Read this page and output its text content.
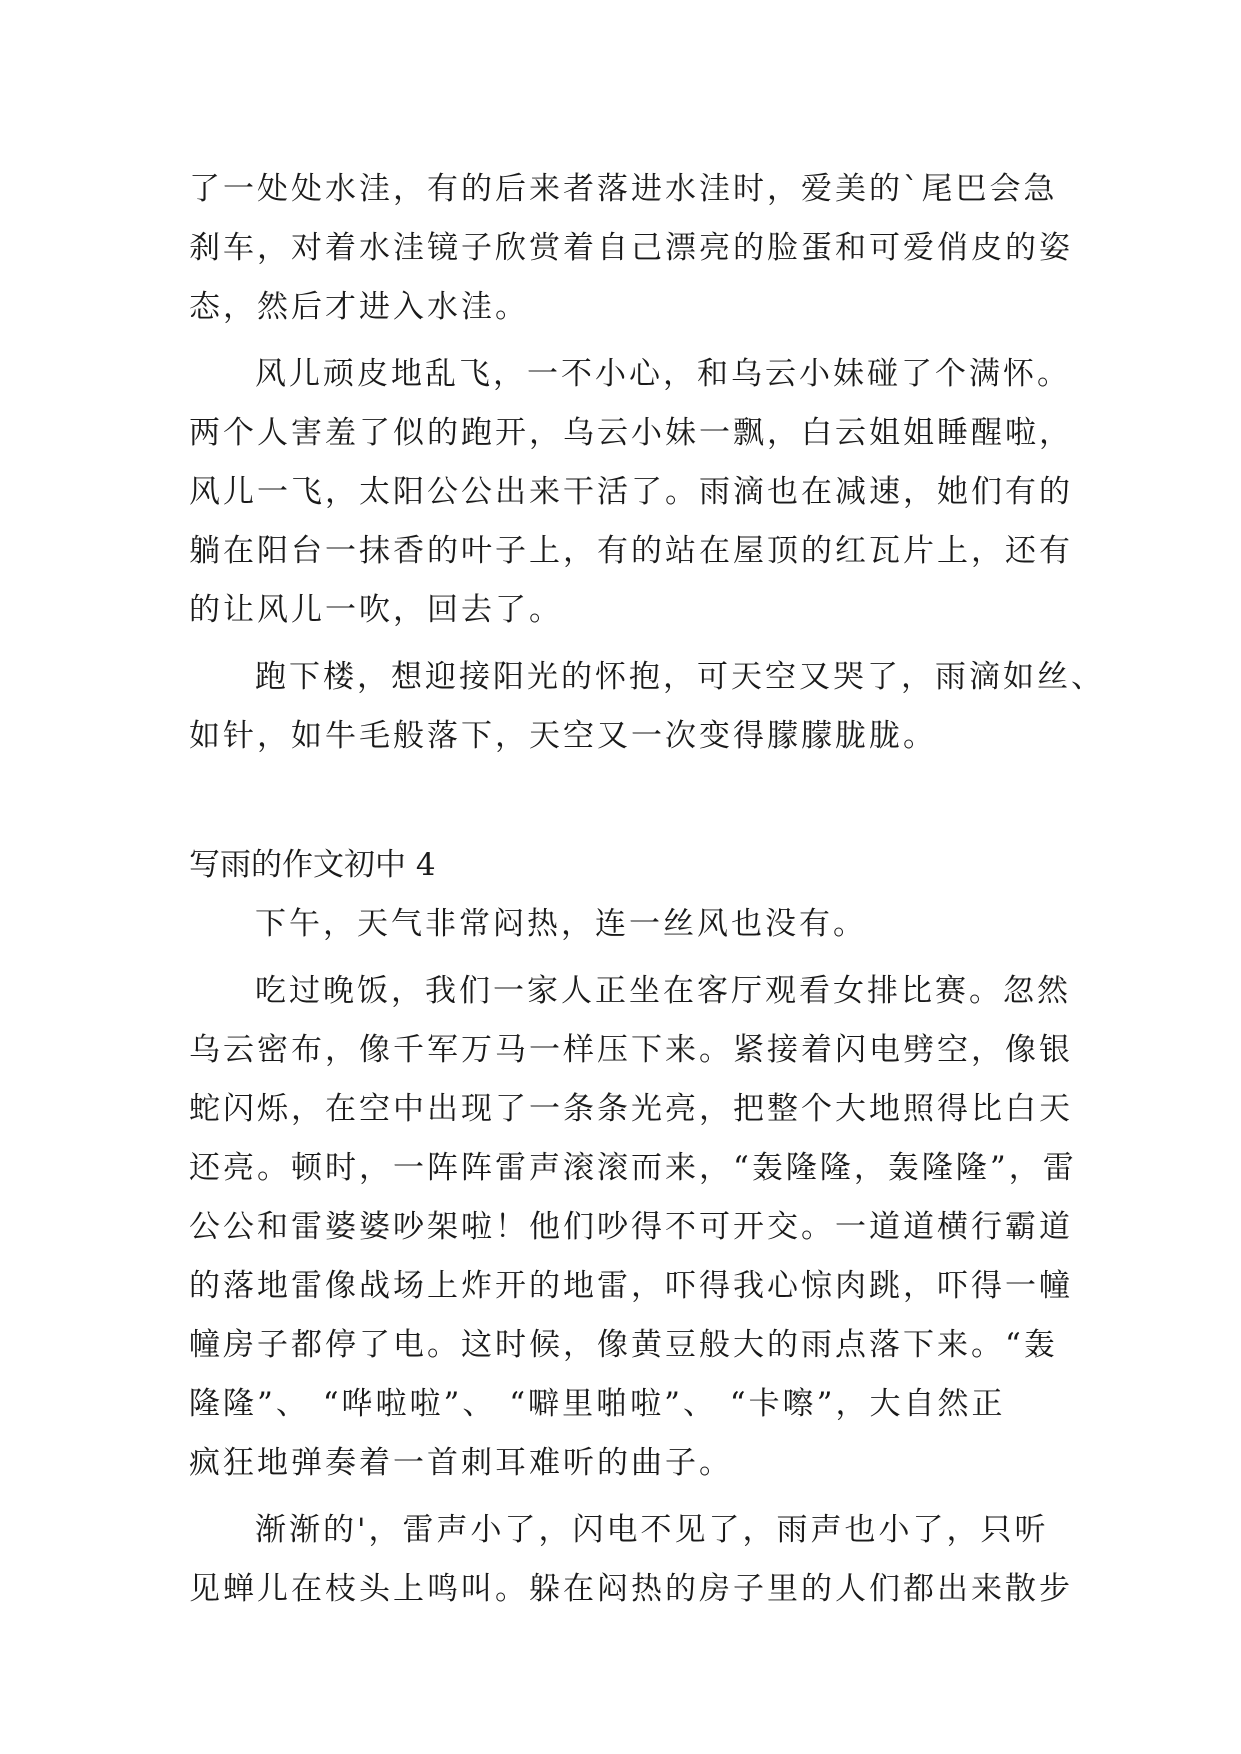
了一处处水洼，有的后来者落进水洼时，爱美的`尾巴会急
刹车，对着水洼镜子欣赏着自己漂亮的脸蛋和可爱俏皮的姿
态，然后才进入水洼。
风儿顽皮地乱飞，一不小心，和乌云小妹碰了个满怀。
两个人害羞了似的跑开，乌云小妹一飘，白云姐姐睡醒啦，
风儿一飞，太阳公公出来干活了。雨滴也在减速，她们有的
躺在阳台一抹香的叶子上，有的站在屋顶的红瓦片上，还有
的让风儿一吹，回去了。
跑下楼，想迎接阳光的怀抱，可天空又哭了，雨滴如丝、
如针，如牛毛般落下，天空又一次变得朦朦胧胧。
写雨的作文初中 4
下午，天气非常闷热，连一丝风也没有。
吃过晚饭，我们一家人正坐在客厅观看女排比赛。忽然
乌云密布，像千军万马一样压下来。紧接着闪电劈空，像银
蛇闪烁，在空中出现了一条条光亮，把整个大地照得比白天
还亮。顿时，一阵阵雷声滚滚而来，“轰隆隆，轰隆隆”，雷
公公和雷婆婆吵架啦！他们吵得不可开交。一道道横行霸道
的落地雷像战场上炸开的地雷，吓得我心惊肉跳，吓得一幢
幢房子都停了电。这时候，像黄豆般大的雨点落下来。“轰
隆隆”、 “哗啦啦”、 “噼里啪啦”、 “卡嚓”，大自然正
疯狂地弹奏着一首刺耳难听的曲子。
渐渐的'，雷声小了，闪电不见了，雨声也小了，只听
见蝉儿在枝头上鸣叫。躲在闷热的房子里的人们都出来散步
